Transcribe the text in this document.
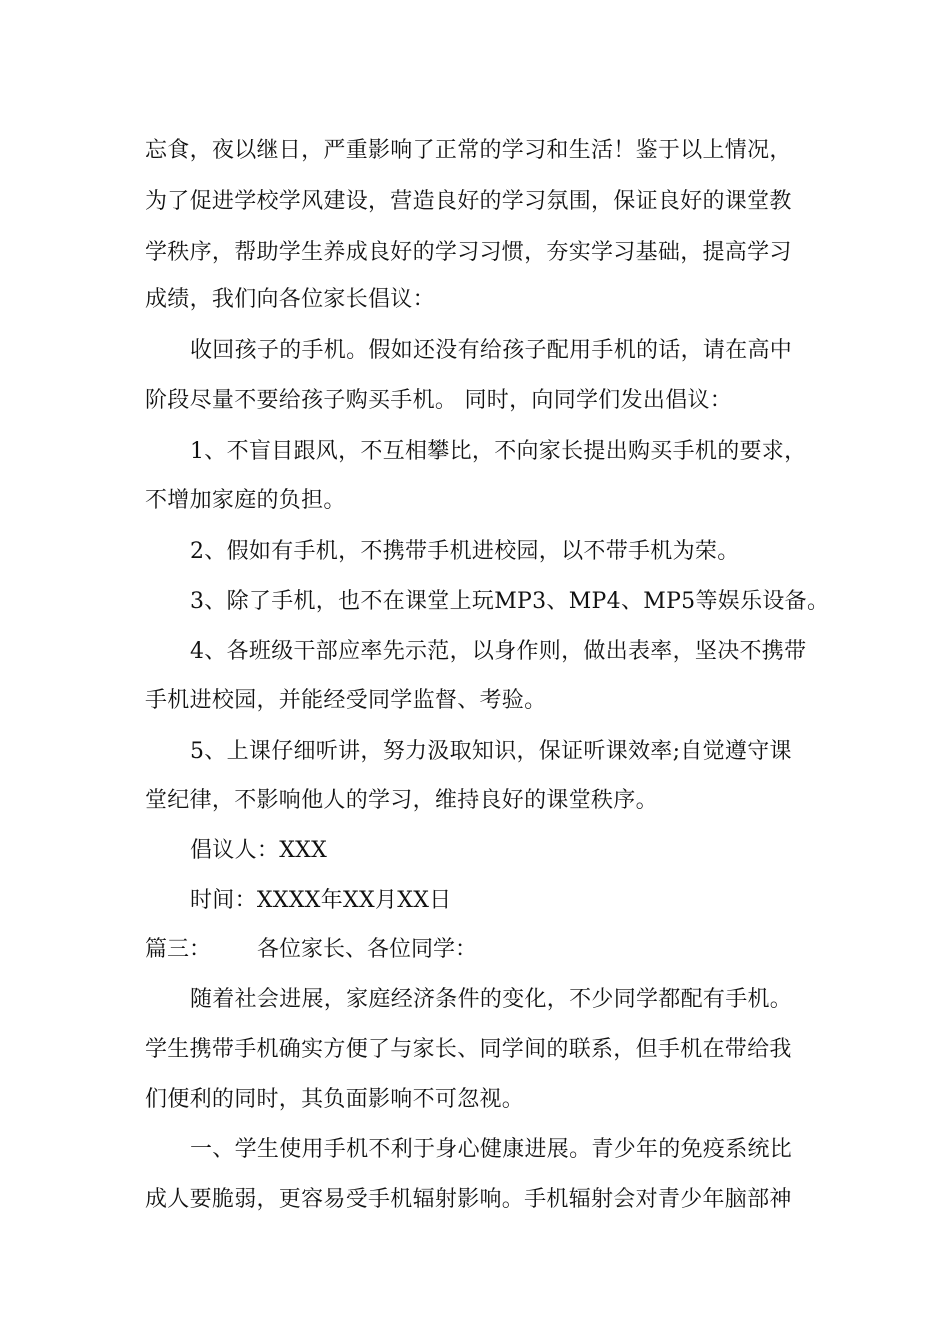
忘食，夜以继日，严重影响了正常的学习和生活！鉴于以上情况，
为了促进学校学风建设，营造良好的学习氛围，保证良好的课堂教
学秩序，帮助学生养成良好的学习习惯，夯实学习基础，提高学习
成绩，我们向各位家长倡议：
收回孩子的手机。假如还没有给孩子配用手机的话，请在高中
阶段尽量不要给孩子购买手机。 同时，向同学们发出倡议：
1、不盲目跟风，不互相攀比，不向家长提出购买手机的要求，
不增加家庭的负担。
2、假如有手机，不携带手机进校园，以不带手机为荣。
3、除了手机，也不在课堂上玩MP3、MP4、MP5等娱乐设备。
4、各班级干部应率先示范，以身作则，做出表率，坚决不携带
手机进校园，并能经受同学监督、考验。
5、上课仔细听讲，努力汲取知识，保证听课效率;自觉遵守课
堂纪律，不影响他人的学习，维持良好的课堂秩序。
倡议人：XXX
时间：XXXX年XX月XX日
篇三： 各位家长、各位同学：
随着社会进展，家庭经济条件的变化，不少同学都配有手机。
学生携带手机确实方便了与家长、同学间的联系，但手机在带给我
们便利的同时，其负面影响不可忽视。
一、学生使用手机不利于身心健康进展。青少年的免疫系统比
成人要脆弱，更容易受手机辐射影响。手机辐射会对青少年脑部神
